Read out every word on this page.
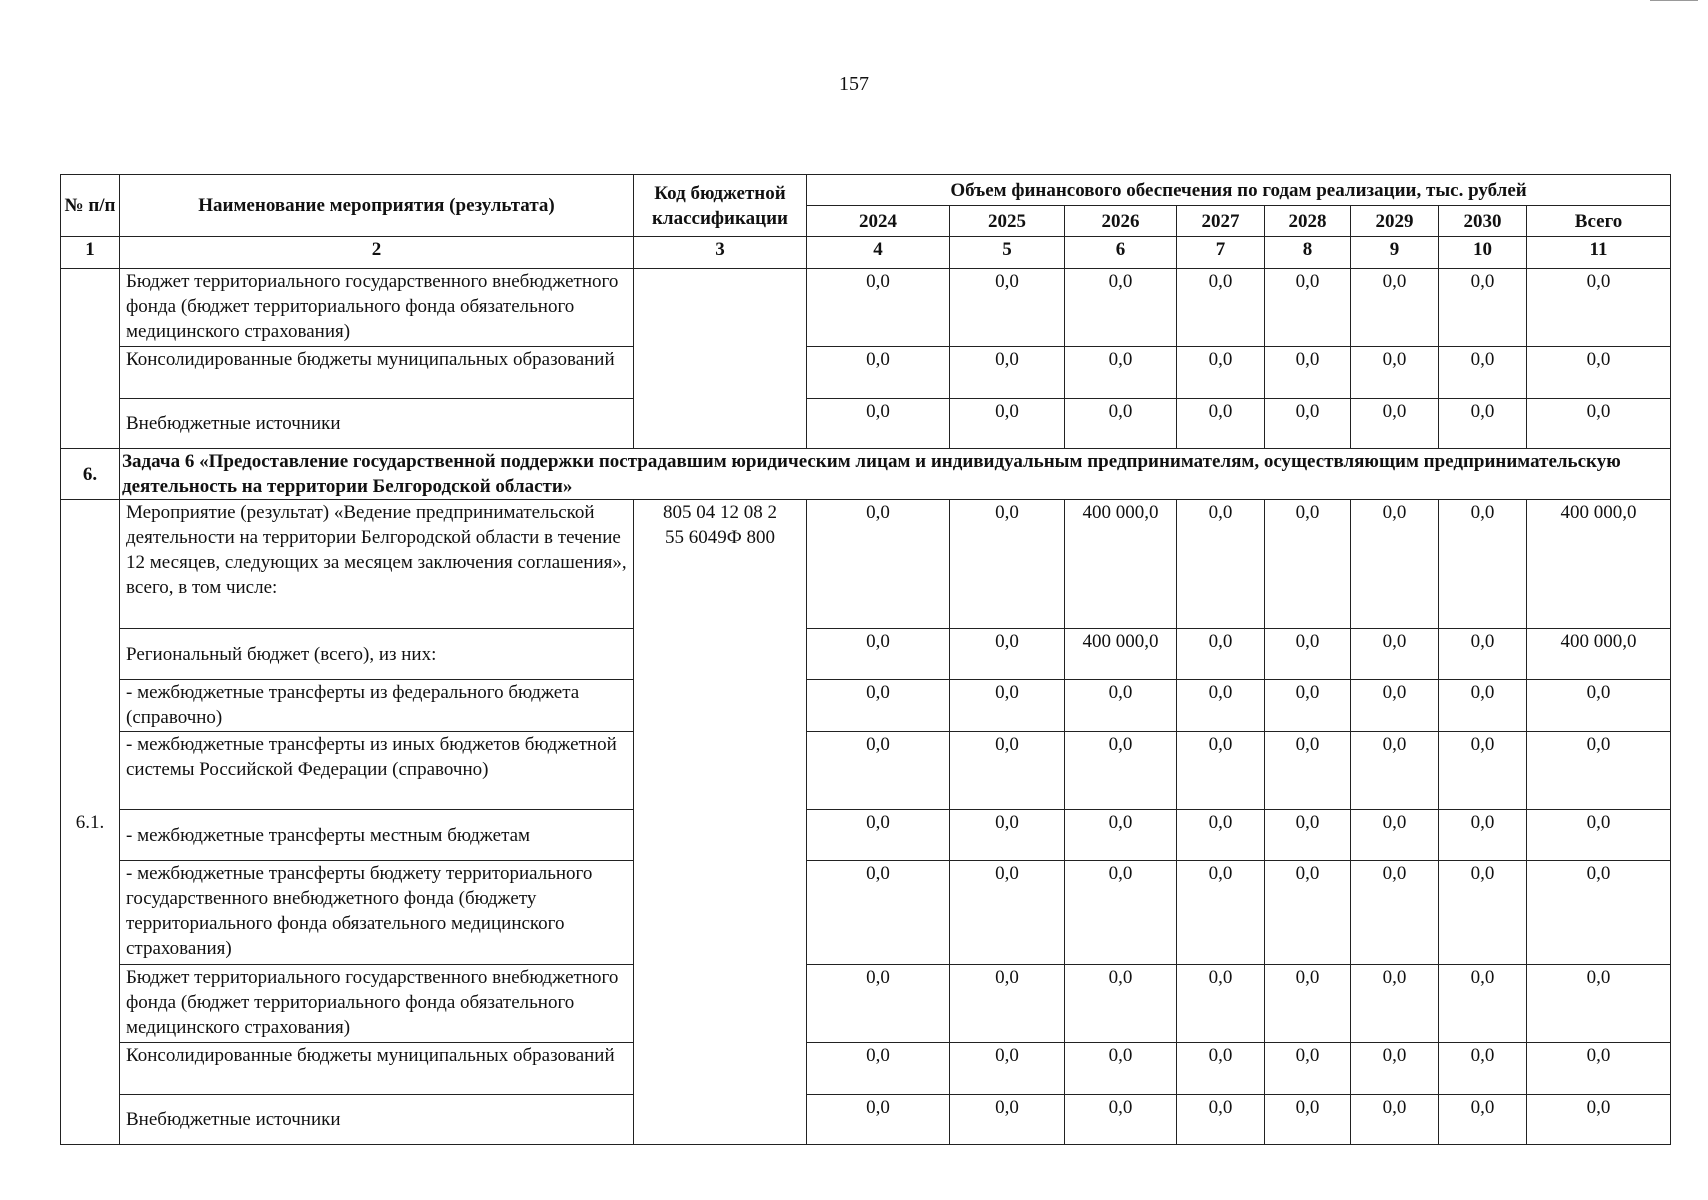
157
№ п/п	Наименование мероприятия (результата)	Код бюджетной классификации	Объем финансового обеспечения по годам реализации, тыс. рублей							
			2024	2025	2026	2027	2028	2029	2030	Всего
1	2	3	4	5	6	7	8	9	10	11
	Бюджет территориального государственного внебюджетного фонда (бюджет территориального фонда обязательного медицинского страхования)		0,0	0,0	0,0	0,0	0,0	0,0	0,0	0,0
	Консолидированные бюджеты муниципальных образований		0,0	0,0	0,0	0,0	0,0	0,0	0,0	0,0
	Внебюджетные источники		0,0	0,0	0,0	0,0	0,0	0,0	0,0	0,0
6.	Задача 6 «Предоставление государственной поддержки пострадавшим юридическим лицам и индивидуальным предпринимателям, осуществляющим предпринимательскую деятельность на территории Белгородской области»									
6.1.	Мероприятие (результат) «Ведение предпринимательской деятельности на территории Белгородской области в течение 12 месяцев, следующих за месяцем заключения соглашения», всего, в том числе:	805 04 12 08 2 55 6049Ф 800	0,0	0,0	400 000,0	0,0	0,0	0,0	0,0	400 000,0
	Региональный бюджет (всего), из них:		0,0	0,0	400 000,0	0,0	0,0	0,0	0,0	400 000,0
	- межбюджетные трансферты из федерального бюджета (справочно)		0,0	0,0	0,0	0,0	0,0	0,0	0,0	0,0
	- межбюджетные трансферты из иных бюджетов бюджетной системы Российской Федерации (справочно)		0,0	0,0	0,0	0,0	0,0	0,0	0,0	0,0
	- межбюджетные трансферты местным бюджетам		0,0	0,0	0,0	0,0	0,0	0,0	0,0	0,0
	- межбюджетные трансферты бюджету территориального государственного внебюджетного фонда (бюджету территориального фонда обязательного медицинского страхования)		0,0	0,0	0,0	0,0	0,0	0,0	0,0	0,0
	Бюджет территориального государственного внебюджетного фонда (бюджет территориального фонда обязательного медицинского страхования)		0,0	0,0	0,0	0,0	0,0	0,0	0,0	0,0
	Консолидированные бюджеты муниципальных образований		0,0	0,0	0,0	0,0	0,0	0,0	0,0	0,0
	Внебюджетные источники		0,0	0,0	0,0	0,0	0,0	0,0	0,0	0,0
